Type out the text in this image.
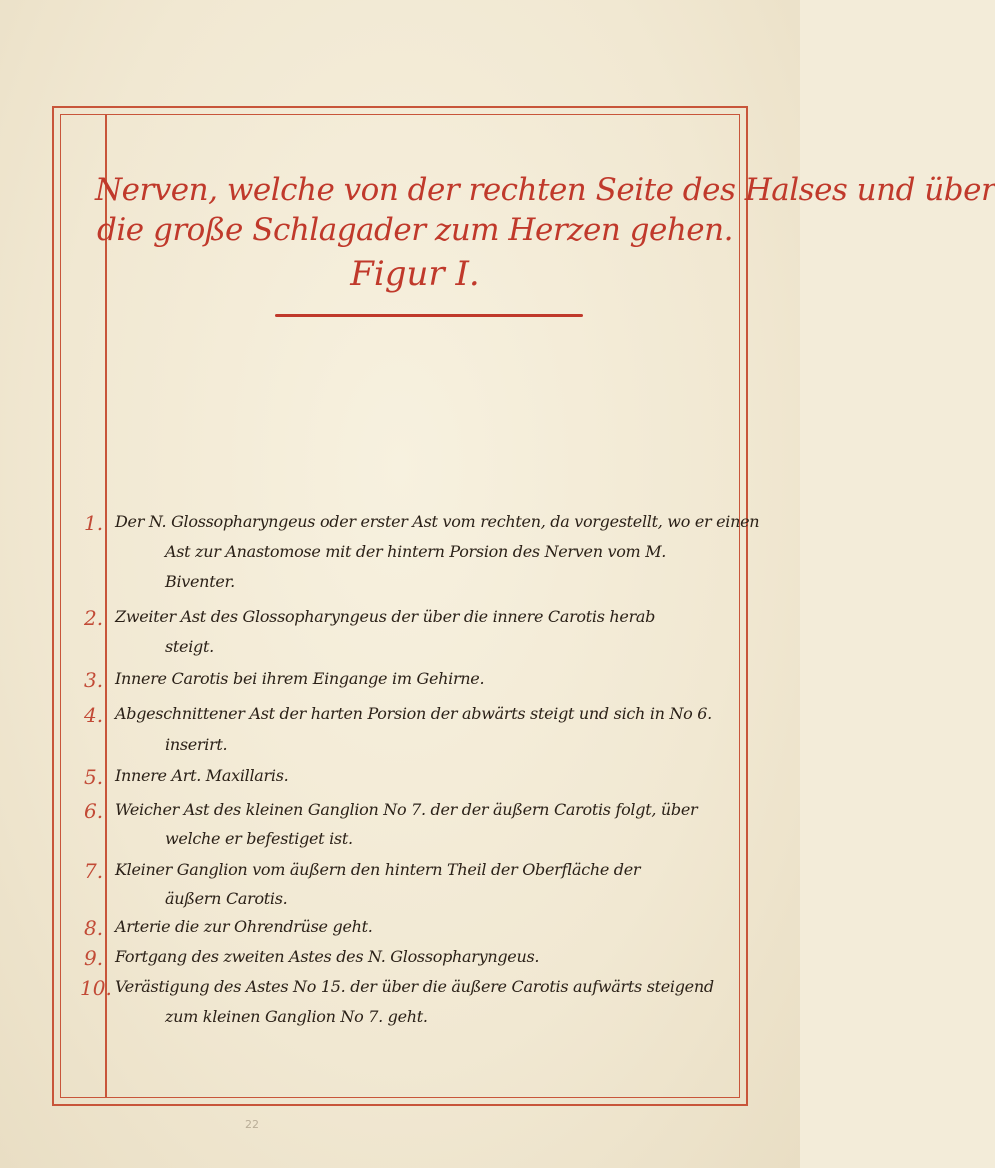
Nerven, welche von der rechten Seite des Halses und über
die große Schlagader zum Herzen gehen.
Figur I.
1. Der N. Glossopharyngeus oder erster Ast vom rechten, da vorgestellt, wo er einen
Ast zur Anastomose mit der hintern Porsion des Nerven vom M.
Biventer.
2. Zweiter Ast des Glossopharyngeus der über die innere Carotis herab
steigt.
3. Innere Carotis bei ihrem Eingange im Gehirne.
4. Abgeschnittener Ast der harten Porsion der abwärts steigt und sich in No 6.
inserirt.
5. Innere Art. Maxillaris.
6. Weicher Ast des kleinen Ganglion No 7. der der äußern Carotis folgt, über
welche er befestiget ist.
7. Kleiner Ganglion vom äußern den hintern Theil der Oberfläche der
äußern Carotis.
8. Arterie die zur Ohrendrüse geht.
9. Fortgang des zweiten Astes des N. Glossopharyngeus.
10. Verästigung des Astes No 15. der über die äußere Carotis aufwärts steigend
zum kleinen Ganglion No 7. geht.
22
